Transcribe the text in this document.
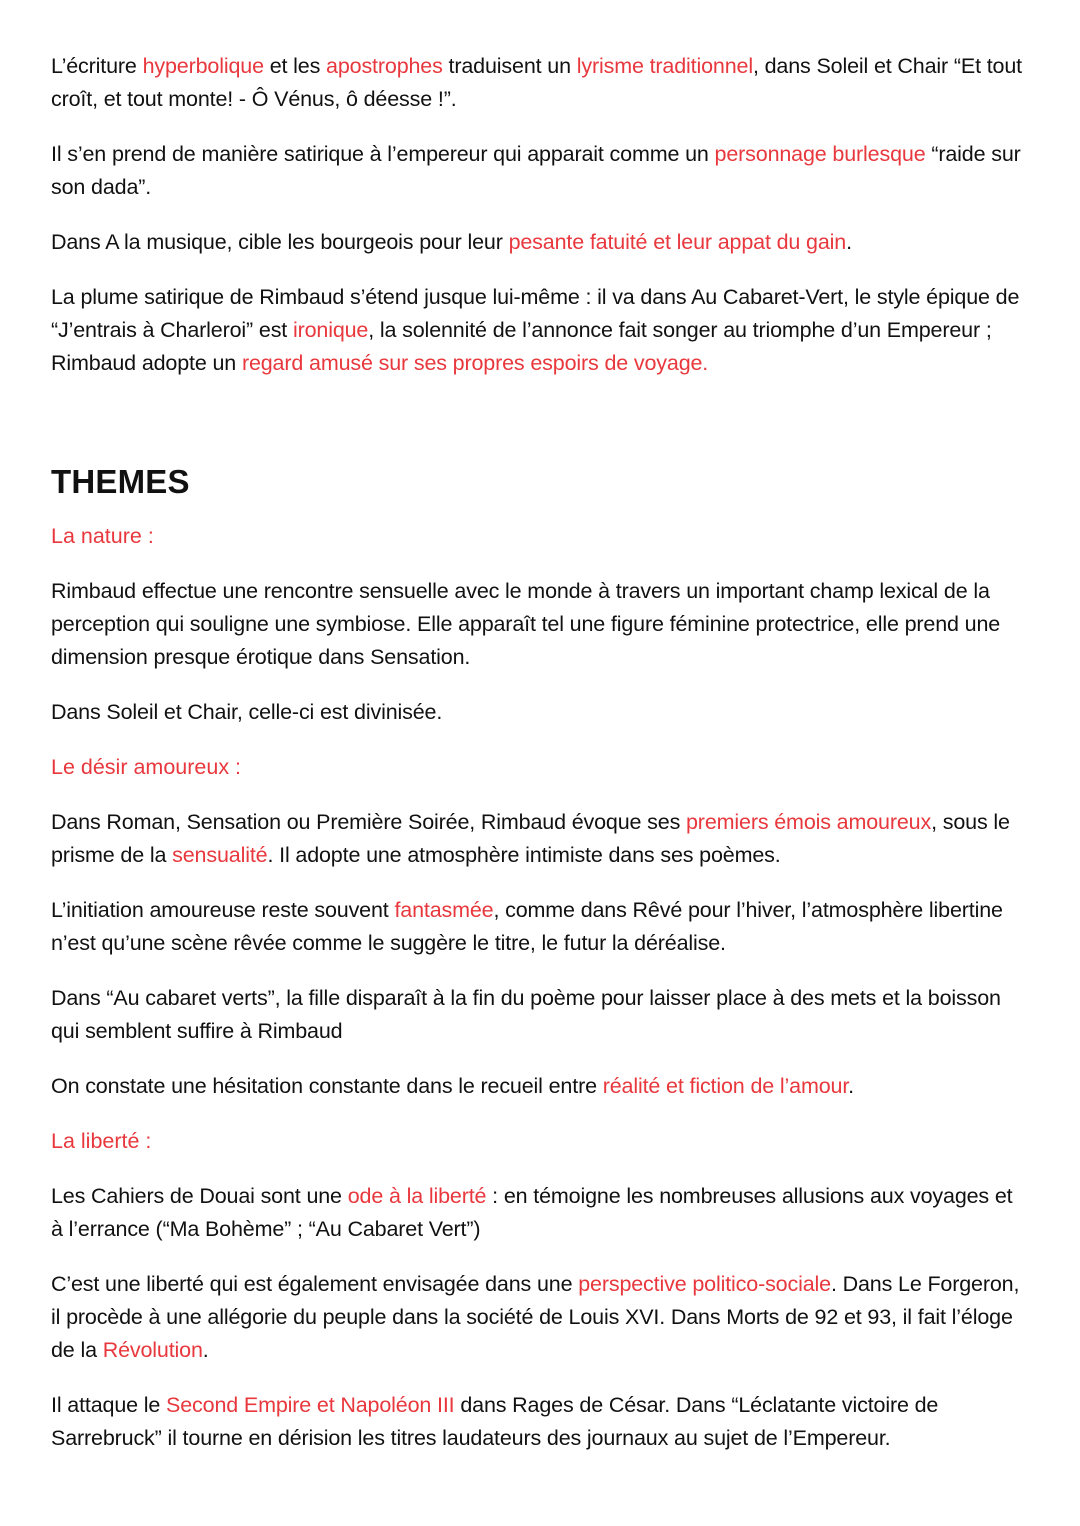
L’écriture hyperbolique et les apostrophes traduisent un lyrisme traditionnel, dans Soleil et Chair “Et tout croît, et tout monte! - Ô Vénus, ô déesse !”.

Il s’en prend de manière satirique à l’empereur qui apparait comme un personnage burlesque “raide sur son dada”.

Dans A la musique, cible les bourgeois pour leur pesante fatuité et leur appat du gain.

La plume satirique de Rimbaud s’étend jusque lui-même : il va dans Au Cabaret-Vert, le style épique de “J’entrais à Charleroi” est ironique, la solennité de l’annonce fait songer au triomphe d’un Empereur ; Rimbaud adopte un regard amusé sur ses propres espoirs de voyage.

THEMES
La nature :

Rimbaud effectue une rencontre sensuelle avec le monde à travers un important champ lexical de la perception qui souligne une symbiose. Elle apparaît tel une figure féminine protectrice, elle prend une dimension presque érotique dans Sensation.

Dans Soleil et Chair, celle-ci est divinisée.

Le désir amoureux :

Dans Roman, Sensation ou Première Soirée, Rimbaud évoque ses premiers émois amoureux, sous le prisme de la sensualité. Il adopte une atmosphère intimiste dans ses poèmes.

L’initiation amoureuse reste souvent fantasmée, comme dans Rêvé pour l’hiver, l’atmosphère libertine n’est qu’une scène rêvée comme le suggère le titre, le futur la déréalise.

Dans “Au cabaret verts”, la fille disparaît à la fin du poème pour laisser place à des mets et la boisson qui semblent suffire à Rimbaud

On constate une hésitation constante dans le recueil entre réalité et fiction de l’amour.

La liberté :

Les Cahiers de Douai sont une ode à la liberté : en témoigne les nombreuses allusions aux voyages et à l’errance (“Ma Bohème” ; “Au Cabaret Vert”)

C’est une liberté qui est également envisagée dans une perspective politico-sociale. Dans Le Forgeron, il procède à une allégorie du peuple dans la société de Louis XVI. Dans Morts de 92 et 93, il fait l’éloge de la Révolution.

Il attaque le Second Empire et Napoléon III dans Rages de César. Dans “Léclatante victoire de Sarrebruck” il tourne en dérision les titres laudateurs des journaux au sujet de l’Empereur.
